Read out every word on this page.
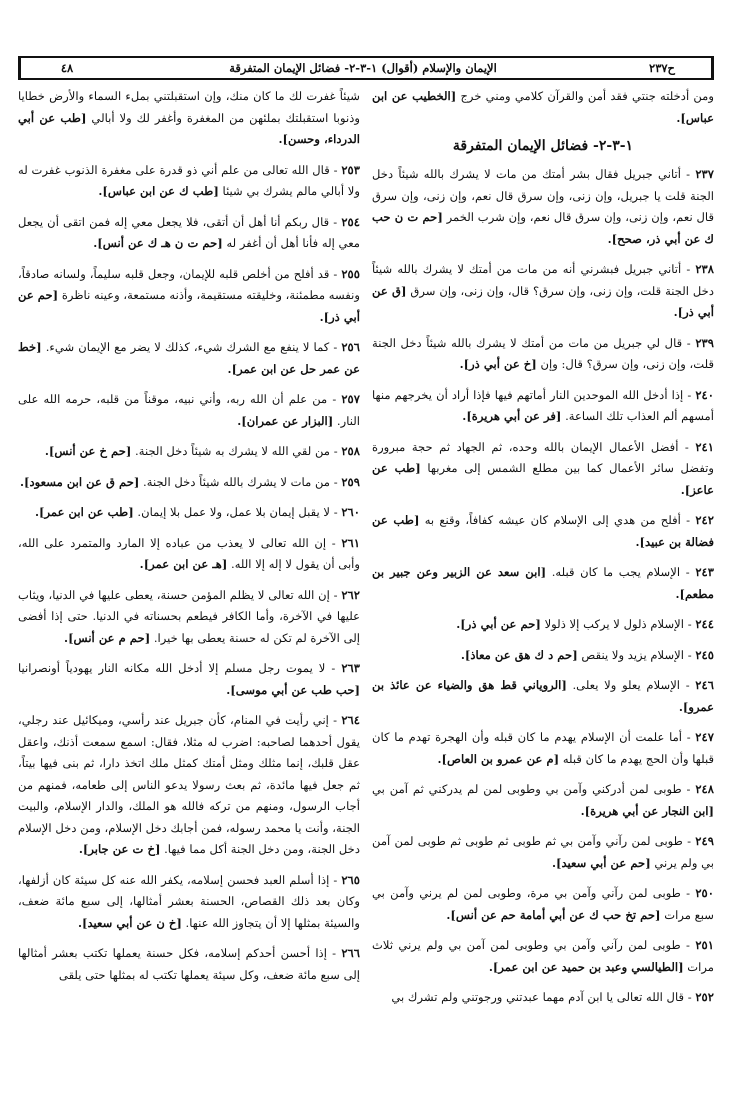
ح٢٣٧
الإيمان والإسلام (أقوال) ١-٣-٢- فضائل الإيمان المتفرقة
٤٨

ومن أدخلته جنتي فقد أمن والقرآن كلامي ومني خرج [الخطيب عن ابن عباس].

١-٣-٢- فضائل الإيمان المتفرقة

٢٣٧ - أتاني جبريل فقال بشر أمتك من مات لا يشرك بالله شيئاً دخل الجنة قلت يا جبريل، وإن زنى، وإن سرق قال نعم، وإن زنى، وإن سرق قال نعم، وإن زنى، وإن سرق قال نعم، وإن شرب الخمر [حم ت ن حب ك عن أبي ذر، صحح].

٢٣٨ - أتاني جبريل فبشرني أنه من مات من أمتك لا يشرك بالله شيئاً دخل الجنة قلت، وإن زنى، وإن سرق؟ قال، وإن زنى، وإن سرق [ق عن أبي ذر].

٢٣٩ - قال لي جبريل من مات من أمتك لا يشرك بالله شيئاً دخل الجنة قلت، وإن زنى، وإن سرق؟ قال: وإن [خ عن أبي ذر].

٢٤٠ - إذا أدخل الله الموحدين النار أماتهم فيها فإذا أراد أن يخرجهم منها أمسهم ألم العذاب تلك الساعة. [فر عن أبي هريرة].

٢٤١ - أفضل الأعمال الإيمان بالله وحده، ثم الجهاد ثم حجة مبرورة وتفضل سائر الأعمال كما بين مطلع الشمس إلى مغربها [طب عن عاعز].

٢٤٢ - أفلح من هدي إلى الإسلام كان عيشه كفافاً، وقنع به [طب عن فضالة بن عبيد].

٢٤٣ - الإسلام يجب ما كان قبله. [ابن سعد عن الزبير وعن جبير بن مطعم].

٢٤٤ - الإسلام ذلول لا يركب إلا ذلولا [حم عن أبي ذر].

٢٤٥ - الإسلام يزيد ولا ينقص [حم د ك هق عن معاذ].

٢٤٦ - الإسلام يعلو ولا يعلى. [الروياني قط هق والضياء عن عائذ بن عمرو].

٢٤٧ - أما علمت أن الإسلام يهدم ما كان قبله وأن الهجرة تهدم ما كان قبلها وأن الحج يهدم ما كان قبله [م عن عمرو بن العاص].

٢٤٨ - طوبى لمن أدركني وآمن بي وطوبى لمن لم يدركني ثم آمن بي [ابن النجار عن أبي هريرة].

٢٤٩ - طوبى لمن رآني وآمن بي ثم طوبى ثم طوبى ثم طوبى لمن آمن بي ولم يرني [حم عن أبي سعيد].

٢٥٠ - طوبى لمن رآني وآمن بي مرة، وطوبى لمن لم يرني وآمن بي سبع مرات [حم تخ حب ك عن أبي أمامة حم عن أنس].

٢٥١ - طوبى لمن رآني وآمن بي وطوبى لمن آمن بي ولم يرني ثلاث مرات [الطيالسي وعبد بن حميد عن ابن عمر].

٢٥٢ - قال الله تعالى يا ابن آدم مهما عبدتني ورجوتني ولم تشرك بي

شيئاً غفرت لك ما كان منك، وإن استقبلتني بملء السماء والأرض خطايا وذنوبا استقبلتك بملئهن من المغفرة وأغفر لك ولا أبالي [طب عن أبي الدرداء، وحسن].

٢٥٣ - قال الله تعالى من علم أني ذو قدرة على مغفرة الذنوب غفرت له ولا أبالي مالم يشرك بي شيئا [طب ك عن ابن عباس].

٢٥٤ - قال ربكم أنا أهل أن أتقى، فلا يجعل معي إله فمن اتقى أن يجعل معي إله فأنا أهل أن أغفر له [حم ت ن هـ ك عن أنس].

٢٥٥ - قد أفلح من أخلص قلبه للإيمان، وجعل قلبه سليماً، ولسانه صادقاً، ونفسه مطمئنة، وخليقته مستقيمة، وأذنه مستمعة، وعينه ناظرة [حم عن أبي ذر].

٢٥٦ - كما لا ينفع مع الشرك شيء، كذلك لا يضر مع الإيمان شيء. [خط عن عمر حل عن ابن عمر].

٢٥٧ - من علم أن الله ربه، وأني نبيه، موقناً من قلبه، حرمه الله على النار. [البزار عن عمران].

٢٥٨ - من لقي الله لا يشرك به شيئاً دخل الجنة. [حم خ عن أنس].

٢٥٩ - من مات لا يشرك بالله شيئاً دخل الجنة. [حم ق عن ابن مسعود].

٢٦٠ - لا يقبل إيمان بلا عمل، ولا عمل بلا إيمان. [طب عن ابن عمر].

٢٦١ - إن الله تعالى لا يعذب من عباده إلا المارد والمتمرد على الله، وأبى أن يقول لا إله إلا الله. [هـ عن ابن عمر].

٢٦٢ - إن الله تعالى لا يظلم المؤمن حسنة، يعطى عليها في الدنيا، ويثاب عليها في الآخرة، وأما الكافر فيطعم بحسناته في الدنيا. حتى إذا أفضى إلى الآخرة لم تكن له حسنة يعطى بها خيرا. [حم م عن أنس].

٢٦٣ - لا يموت رجل مسلم إلا أدخل الله مكانه النار يهودياً أونصرانيا [حب طب عن أبي موسى].

٢٦٤ - إني رأيت في المنام، كأن جبريل عند رأسي، وميكائيل عند رجلي، يقول أحدهما لصاحبه: اضرب له مثلا، فقال: اسمع سمعت أذنك، واعقل عقل قلبك، إنما مثلك ومثل أمتك كمثل ملك اتخذ دارا، ثم بنى فيها بيتاً، ثم جعل فيها مائدة، ثم بعث رسولا يدعو الناس إلى طعامه، فمنهم من أجاب الرسول، ومنهم من تركه فالله هو الملك، والدار الإسلام، والبيت الجنة، وأنت يا محمد رسوله، فمن أجابك دخل الإسلام، ومن دخل الإسلام دخل الجنة، ومن دخل الجنة أكل مما فيها. [خ ت عن جابر].

٢٦٥ - إذا أسلم العبد فحسن إسلامه، يكفر الله عنه كل سيئة كان أزلفها، وكان بعد ذلك القصاص، الحسنة بعشر أمثالها، إلى سبع مائة ضعف، والسيئة بمثلها إلا أن يتجاوز الله عنها. [خ ن عن أبي سعيد].

٢٦٦ - إذا أحسن أحدكم إسلامه، فكل حسنة يعملها تكتب بعشر أمثالها إلى سبع مائة ضعف، وكل سيئة يعملها تكتب له بمثلها حتى يلقى
